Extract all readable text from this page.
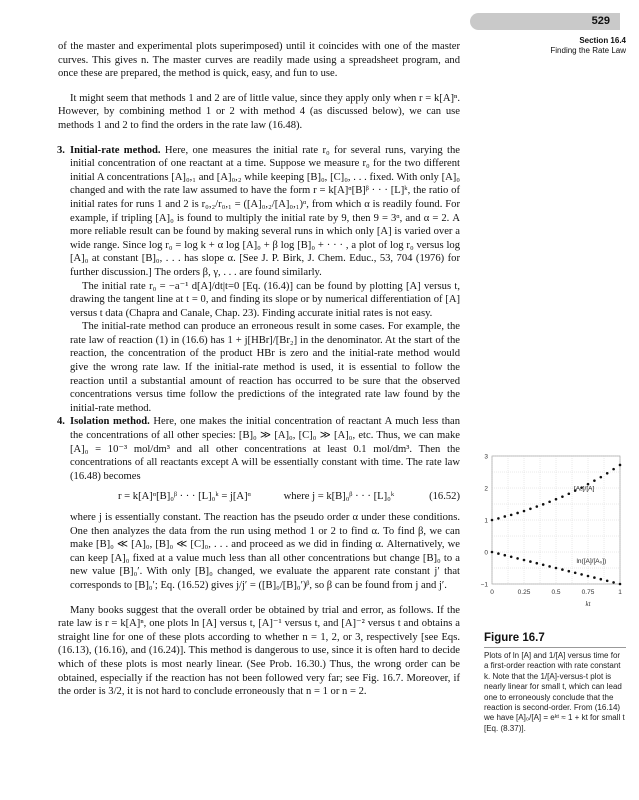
529
Section 16.4
Finding the Rate Law

of the master and experimental plots superimposed) until it coincides with one of the master curves. This gives n. The master curves are readily made using a spreadsheet program, and once these are prepared, the method is quick, easy, and fun to use.

It might seem that methods 1 and 2 are of little value, since they apply only when r = k[A]ⁿ. However, by combining method 1 or 2 with method 4 (as discussed below), we can use methods 1 and 2 to find the orders in the rate law (16.48).

3. Initial-rate method. Here, one measures the initial rate r₀ for several runs, varying the initial concentration of one reactant at a time. Suppose we measure r₀ for the two different initial A concentrations [A]₀,₁ and [A]₀,₂ while keeping [B]₀, [C]₀, . . . fixed. With only [A]₀ changed and with the rate law assumed to have the form r = k[A]ᵅ[B]ᵝ · · · [L]ᵏ, the ratio of initial rates for runs 1 and 2 is r₀,₂/r₀,₁ = ([A]₀,₂/[A]₀,₁)ᵅ, from which α is readily found. For example, if tripling [A]₀ is found to multiply the initial rate by 9, then 9 = 3ᵅ, and α = 2. A more reliable result can be found by making several runs in which only [A] is varied over a wide range. Since log r₀ = log k + α log [A]₀ + β log [B]₀ + · · · , a plot of log r₀ versus log [A]₀ at constant [B]₀, . . . has slope α. [See J. P. Birk, J. Chem. Educ., 53, 704 (1976) for further discussion.] The orders β, γ, . . . are found similarly.

The initial rate r₀ = −a⁻¹ d[A]/dt|t=0 [Eq. (16.4)] can be found by plotting [A] versus t, drawing the tangent line at t = 0, and finding its slope or by numerical differentiation of [A] versus t data (Chapra and Canale, Chap. 23). Finding accurate initial rates is not easy.

The initial-rate method can produce an erroneous result in some cases. For example, the rate law of reaction (1) in (16.6) has 1 + j[HBr]/[Br₂] in the denominator. At the start of the reaction, the concentration of the product HBr is zero and the initial-rate method would give the wrong rate law. If the initial-rate method is used, it is essential to follow the reaction until a substantial amount of reaction has occurred to be sure that the observed concentrations versus time follow the predictions of the integrated rate law found by the initial-rate method.

4. Isolation method. Here, one makes the initial concentration of reactant A much less than the concentrations of all other species: [B]₀ ≫ [A]₀, [C]₀ ≫ [A]₀, etc. Thus, we can make [A]₀ = 10⁻³ mol/dm³ and all other concentrations at least 0.1 mol/dm³. Then the concentrations of all reactants except A will be essentially constant with time. The rate law (16.48) becomes

r = k[A]ᵅ[B]₀ᵝ · · · [L]₀ᵏ = j[A]ᵅ	where j = k[B]₀ᵝ · · · [L]₀ᵏ	(16.52)

where j is essentially constant. The reaction has the pseudo order α under these conditions. One then analyzes the data from the run using method 1 or 2 to find α. To find β, we can make [B]₀ ≪ [A]₀, [B]₀ ≪ [C]₀, . . . and proceed as we did in finding α. Alternatively, we can keep [A]₀ fixed at a value much less than all other concentrations but change [B]₀ to a new value [B]₀′. With only [B]₀ changed, we evaluate the apparent rate constant j′ that corresponds to [B]₀′; Eq. (16.52) gives j/j′ = ([B]₀/[B]₀′)ᵝ, so β can be found from j and j′.

Many books suggest that the overall order be obtained by trial and error, as follows. If the rate law is r = k[A]ⁿ, one plots ln [A] versus t, [A]⁻¹ versus t, and [A]⁻² versus t and obtains a straight line for one of these plots according to whether n = 1, 2, or 3, respectively [see Eqs. (16.13), (16.16), and (16.24)]. This method is dangerous to use, since it is often hard to decide which of these plots is most nearly linear. (See Prob. 16.30.) Thus, the wrong order can be obtained, especially if the reaction has not been followed very far; see Fig. 16.7. Moreover, if the order is 3/2, it is not hard to conclude erroneously that n = 1 or n = 2.

−1
0
1
2
3
0	0.25	0.5	0.75	1
kt
[A₀]/[A]
ln([A]/[A₀])
Figure 16.7
Plots of ln [A] and 1/[A] versus time for a first-order reaction with rate constant k. Note that the 1/[A]-versus-t plot is nearly linear for small t, which can lead one to erroneously conclude that the reaction is second-order. From (16.14) we have [A]₀/[A] = eᵏᵗ ≈ 1 + kt for small t [Eq. (8.37)].
